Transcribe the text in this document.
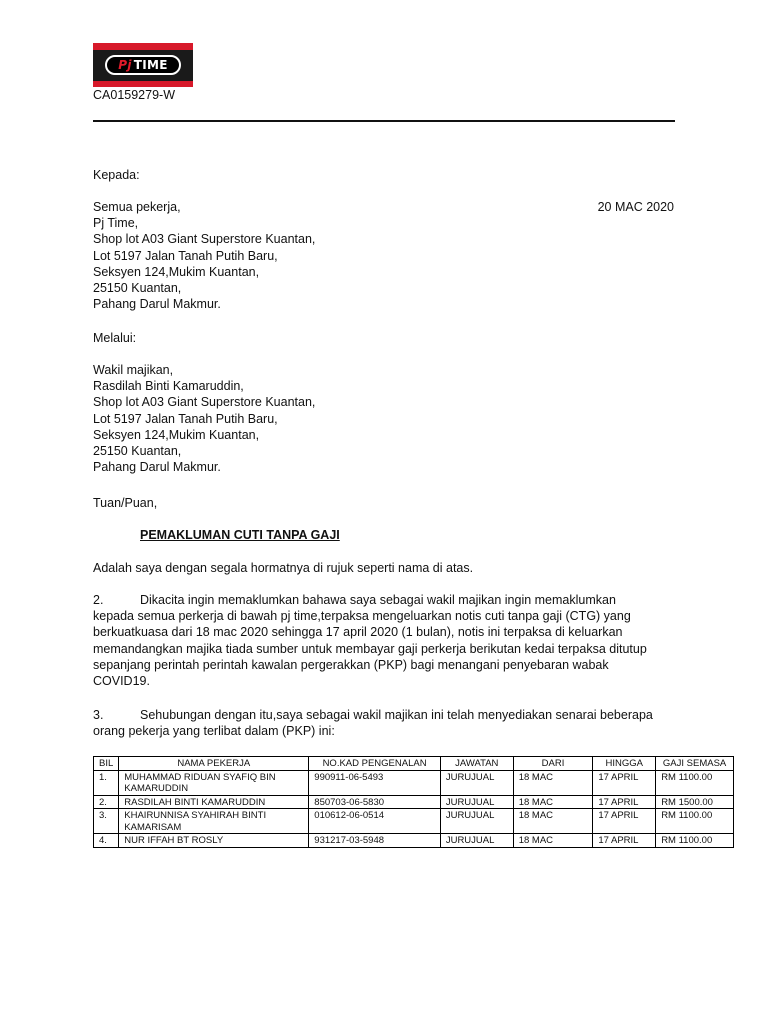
Pj TIME
CA0159279-W
Kepada:
Semua pekerja,
Pj Time,
Shop lot A03 Giant Superstore Kuantan,
Lot 5197 Jalan Tanah Putih Baru,
Seksyen 124,Mukim Kuantan,
25150 Kuantan,
Pahang Darul Makmur.
20 MAC 2020
Melalui:
Wakil majikan,
Rasdilah Binti Kamaruddin,
Shop lot A03 Giant Superstore Kuantan,
Lot 5197 Jalan Tanah Putih Baru,
Seksyen 124,Mukim Kuantan,
25150 Kuantan,
Pahang Darul Makmur.
Tuan/Puan,
PEMAKLUMAN CUTI TANPA GAJI
Adalah saya dengan segala hormatnya di rujuk seperti nama di atas.
2.	Dikacita ingin memaklumkan bahawa saya sebagai wakil majikan ingin memaklumkan
kepada semua perkerja di bawah pj time,terpaksa mengeluarkan notis cuti tanpa gaji (CTG) yang
berkuatkuasa dari 18 mac 2020 sehingga 17 april 2020 (1 bulan), notis ini terpaksa di keluarkan
memandangkan majika tiada sumber untuk membayar gaji perkerja berikutan kedai terpaksa ditutup
sepanjang perintah perintah kawalan pergerakkan (PKP) bagi menangani penyebaran wabak
COVID19.
3.	Sehubungan dengan itu,saya sebagai wakil majikan ini telah menyediakan senarai beberapa
orang pekerja yang terlibat dalam (PKP) ini:
BIL	NAMA PEKERJA	NO.KAD PENGENALAN	JAWATAN	DARI	HINGGA	GAJI SEMASA
1.	MUHAMMAD RIDUAN SYAFIQ BIN KAMARUDDIN	990911-06-5493	JURUJUAL	18 MAC	17 APRIL	RM 1100.00
2.	RASDILAH BINTI KAMARUDDIN	850703-06-5830	JURUJUAL	18 MAC	17 APRIL	RM 1500.00
3.	KHAIRUNNISA SYAHIRAH BINTI KAMARISAM	010612-06-0514	JURUJUAL	18 MAC	17 APRIL	RM 1100.00
4.	NUR IFFAH BT ROSLY	931217-03-5948	JURUJUAL	18 MAC	17 APRIL	RM 1100.00
